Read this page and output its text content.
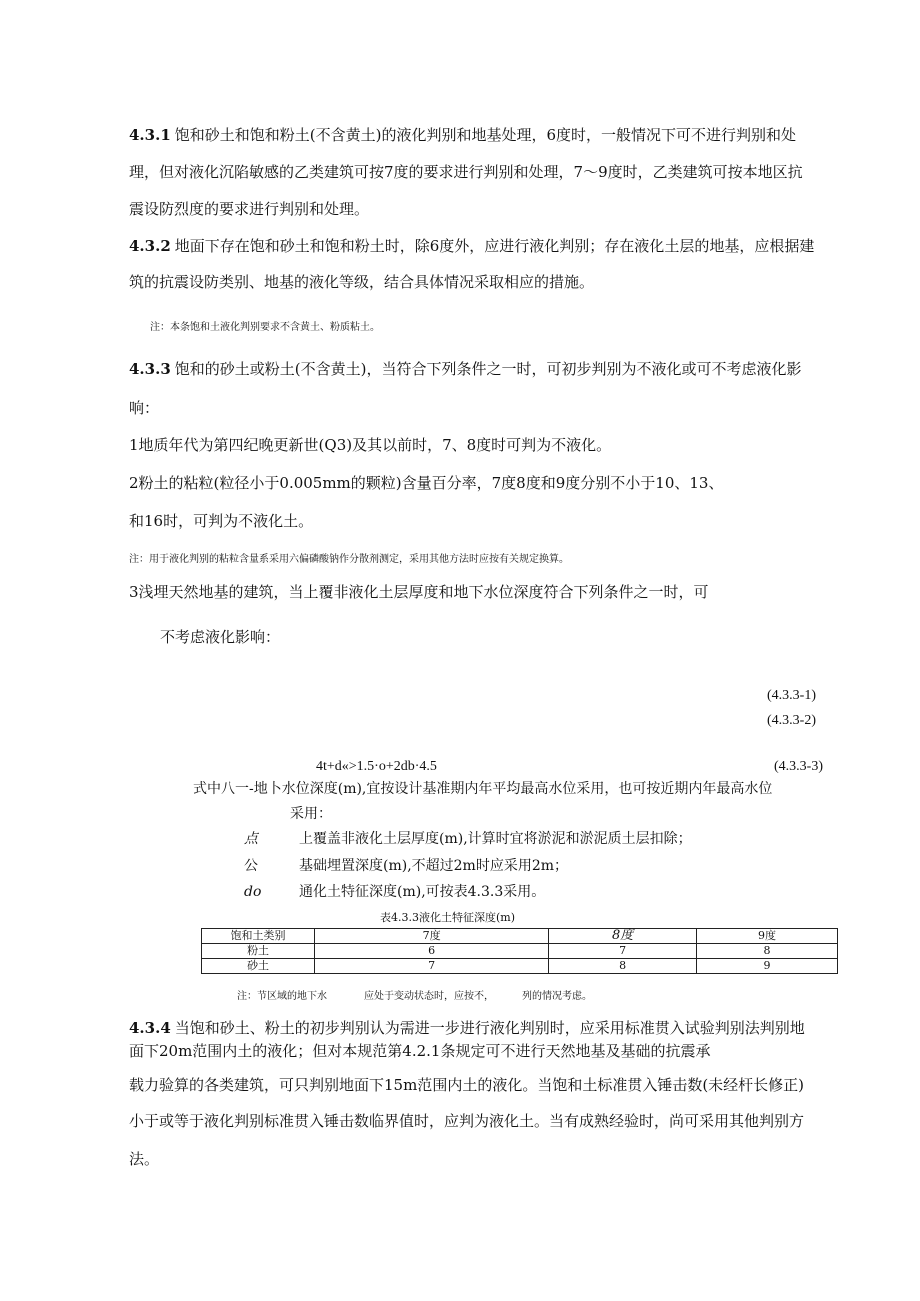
4.3.1 饱和砂土和饱和粉土(不含黄土)的液化判别和地基处理，6度时，一般情况下可不进行判别和处
理，但对液化沉陷敏感的乙类建筑可按7度的要求进行判别和处理，7～9度时，乙类建筑可按本地区抗
震设防烈度的要求进行判别和处理。
4.3.2 地面下存在饱和砂土和饱和粉土时，除6度外，应进行液化判别；存在液化土层的地基，应根据建
筑的抗震设防类别、地基的液化等级，结合具体情况采取相应的措施。
注：本条饱和土液化判别要求不含黄土、粉质粘土。
4.3.3 饱和的砂土或粉土(不含黄土)，当符合下列条件之一时，可初步判别为不液化或可不考虑液化影
响：
1地质年代为第四纪晚更新世(Q3)及其以前时，7、8度时可判为不液化。
2粉土的粘粒(粒径小于0.005mm的颗粒)含量百分率，7度8度和9度分别不小于10、13、
和16时，可判为不液化土。
注：用于液化判别的粘粒含量系采用六偏磷酸钠作分散剂测定，采用其他方法时应按有关规定换算。
3浅埋天然地基的建筑，当上覆非液化土层厚度和地下水位深度符合下列条件之一时，可
不考虑液化影响：
(4.3.3-1)
(4.3.3-2)
4t+d«>1.5·o+2db·4.5	(4.3.3-3)
式中八一-地卜水位深度(m),宜按设计基准期内年平均最高水位采用，也可按近期内年最高水位
采用：
点	上覆盖非液化土层厚度(m),计算时宜将淤泥和淤泥质土层扣除；
公	基础埋置深度(m),不超过2m时应采用2m；
do	通化土特征深度(m),可按表4.3.3采用。
表4.3.3液化土特征深度(m)
饱和土类别	7度	8度	9度
粉土	6	7	8
砂土	7	8	9
注：节区域的地下水	应处于变动状态时，应按不，	列的情况考虑。
4.3.4 当饱和砂土、粉土的初步判别认为需进一步进行液化判别时，应采用标准贯入试验判别法判别地
面下20m范围内土的液化；但对本规范第4.2.1条规定可不进行天然地基及基础的抗震承
载力验算的各类建筑，可只判别地面下15m范围内土的液化。当饱和土标准贯入锤击数(未经杆长修正)
小于或等于液化判别标准贯入锤击数临界值时，应判为液化土。当有成熟经验时，尚可采用其他判别方
法。
